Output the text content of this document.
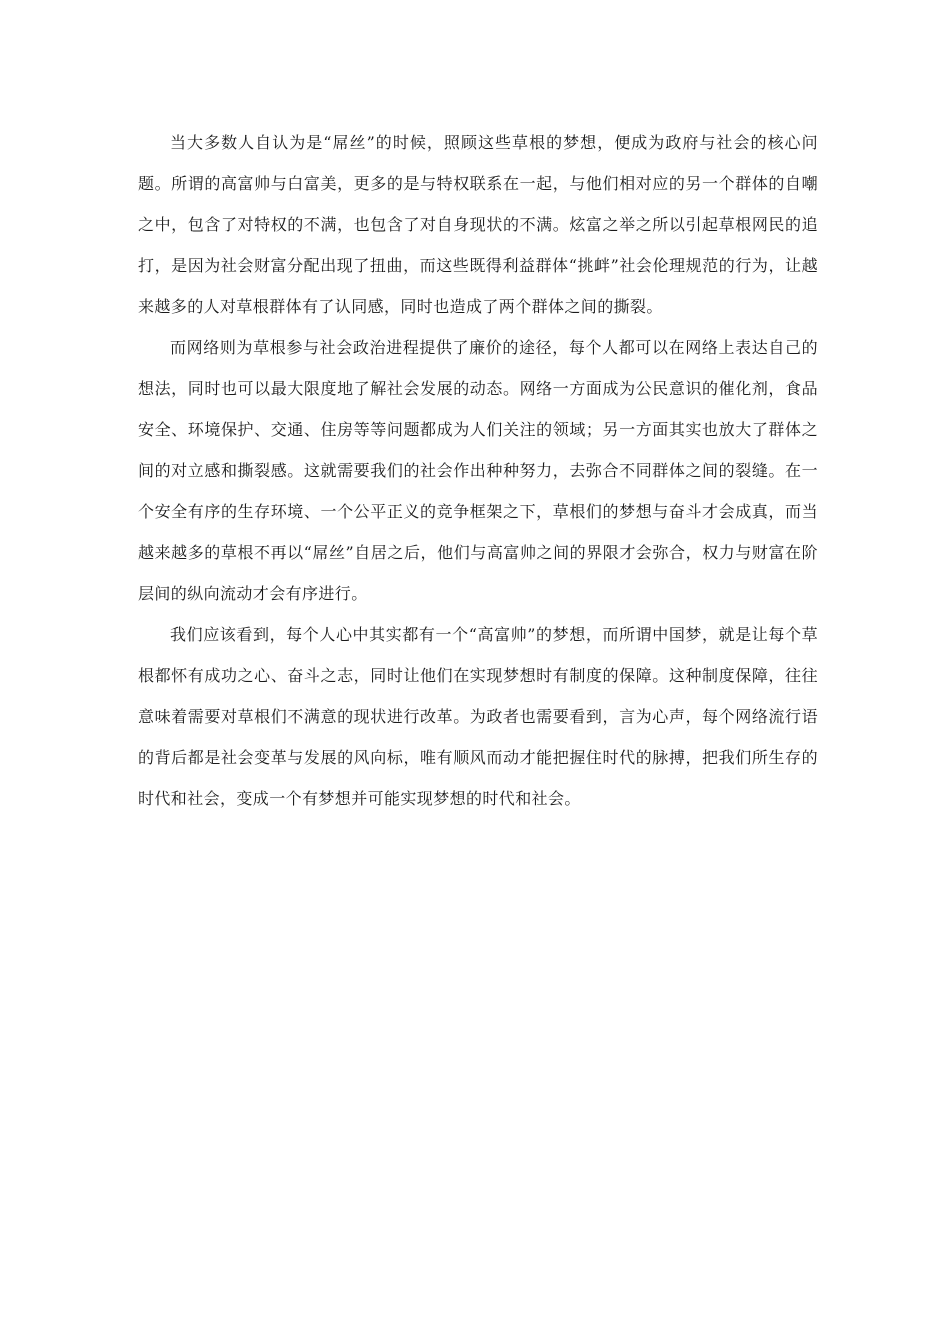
当大多数人自认为是“屌丝”的时候，照顾这些草根的梦想，便成为政府与社会的核心问题。所谓的高富帅与白富美，更多的是与特权联系在一起，与他们相对应的另一个群体的自嘲之中，包含了对特权的不满，也包含了对自身现状的不满。炫富之举之所以引起草根网民的追打，是因为社会财富分配出现了扭曲，而这些既得利益群体“挑衅”社会伦理规范的行为，让越来越多的人对草根群体有了认同感，同时也造成了两个群体之间的撕裂。

而网络则为草根参与社会政治进程提供了廉价的途径，每个人都可以在网络上表达自己的想法，同时也可以最大限度地了解社会发展的动态。网络一方面成为公民意识的催化剂，食品安全、环境保护、交通、住房等等问题都成为人们关注的领域；另一方面其实也放大了群体之间的对立感和撕裂感。这就需要我们的社会作出种种努力，去弥合不同群体之间的裂缝。在一个安全有序的生存环境、一个公平正义的竞争框架之下，草根们的梦想与奋斗才会成真，而当越来越多的草根不再以“屌丝”自居之后，他们与高富帅之间的界限才会弥合，权力与财富在阶层间的纵向流动才会有序进行。

我们应该看到，每个人心中其实都有一个“高富帅”的梦想，而所谓中国梦，就是让每个草根都怀有成功之心、奋斗之志，同时让他们在实现梦想时有制度的保障。这种制度保障，往往意味着需要对草根们不满意的现状进行改革。为政者也需要看到，言为心声，每个网络流行语的背后都是社会变革与发展的风向标，唯有顺风而动才能把握住时代的脉搏，把我们所生存的时代和社会，变成一个有梦想并可能实现梦想的时代和社会。
